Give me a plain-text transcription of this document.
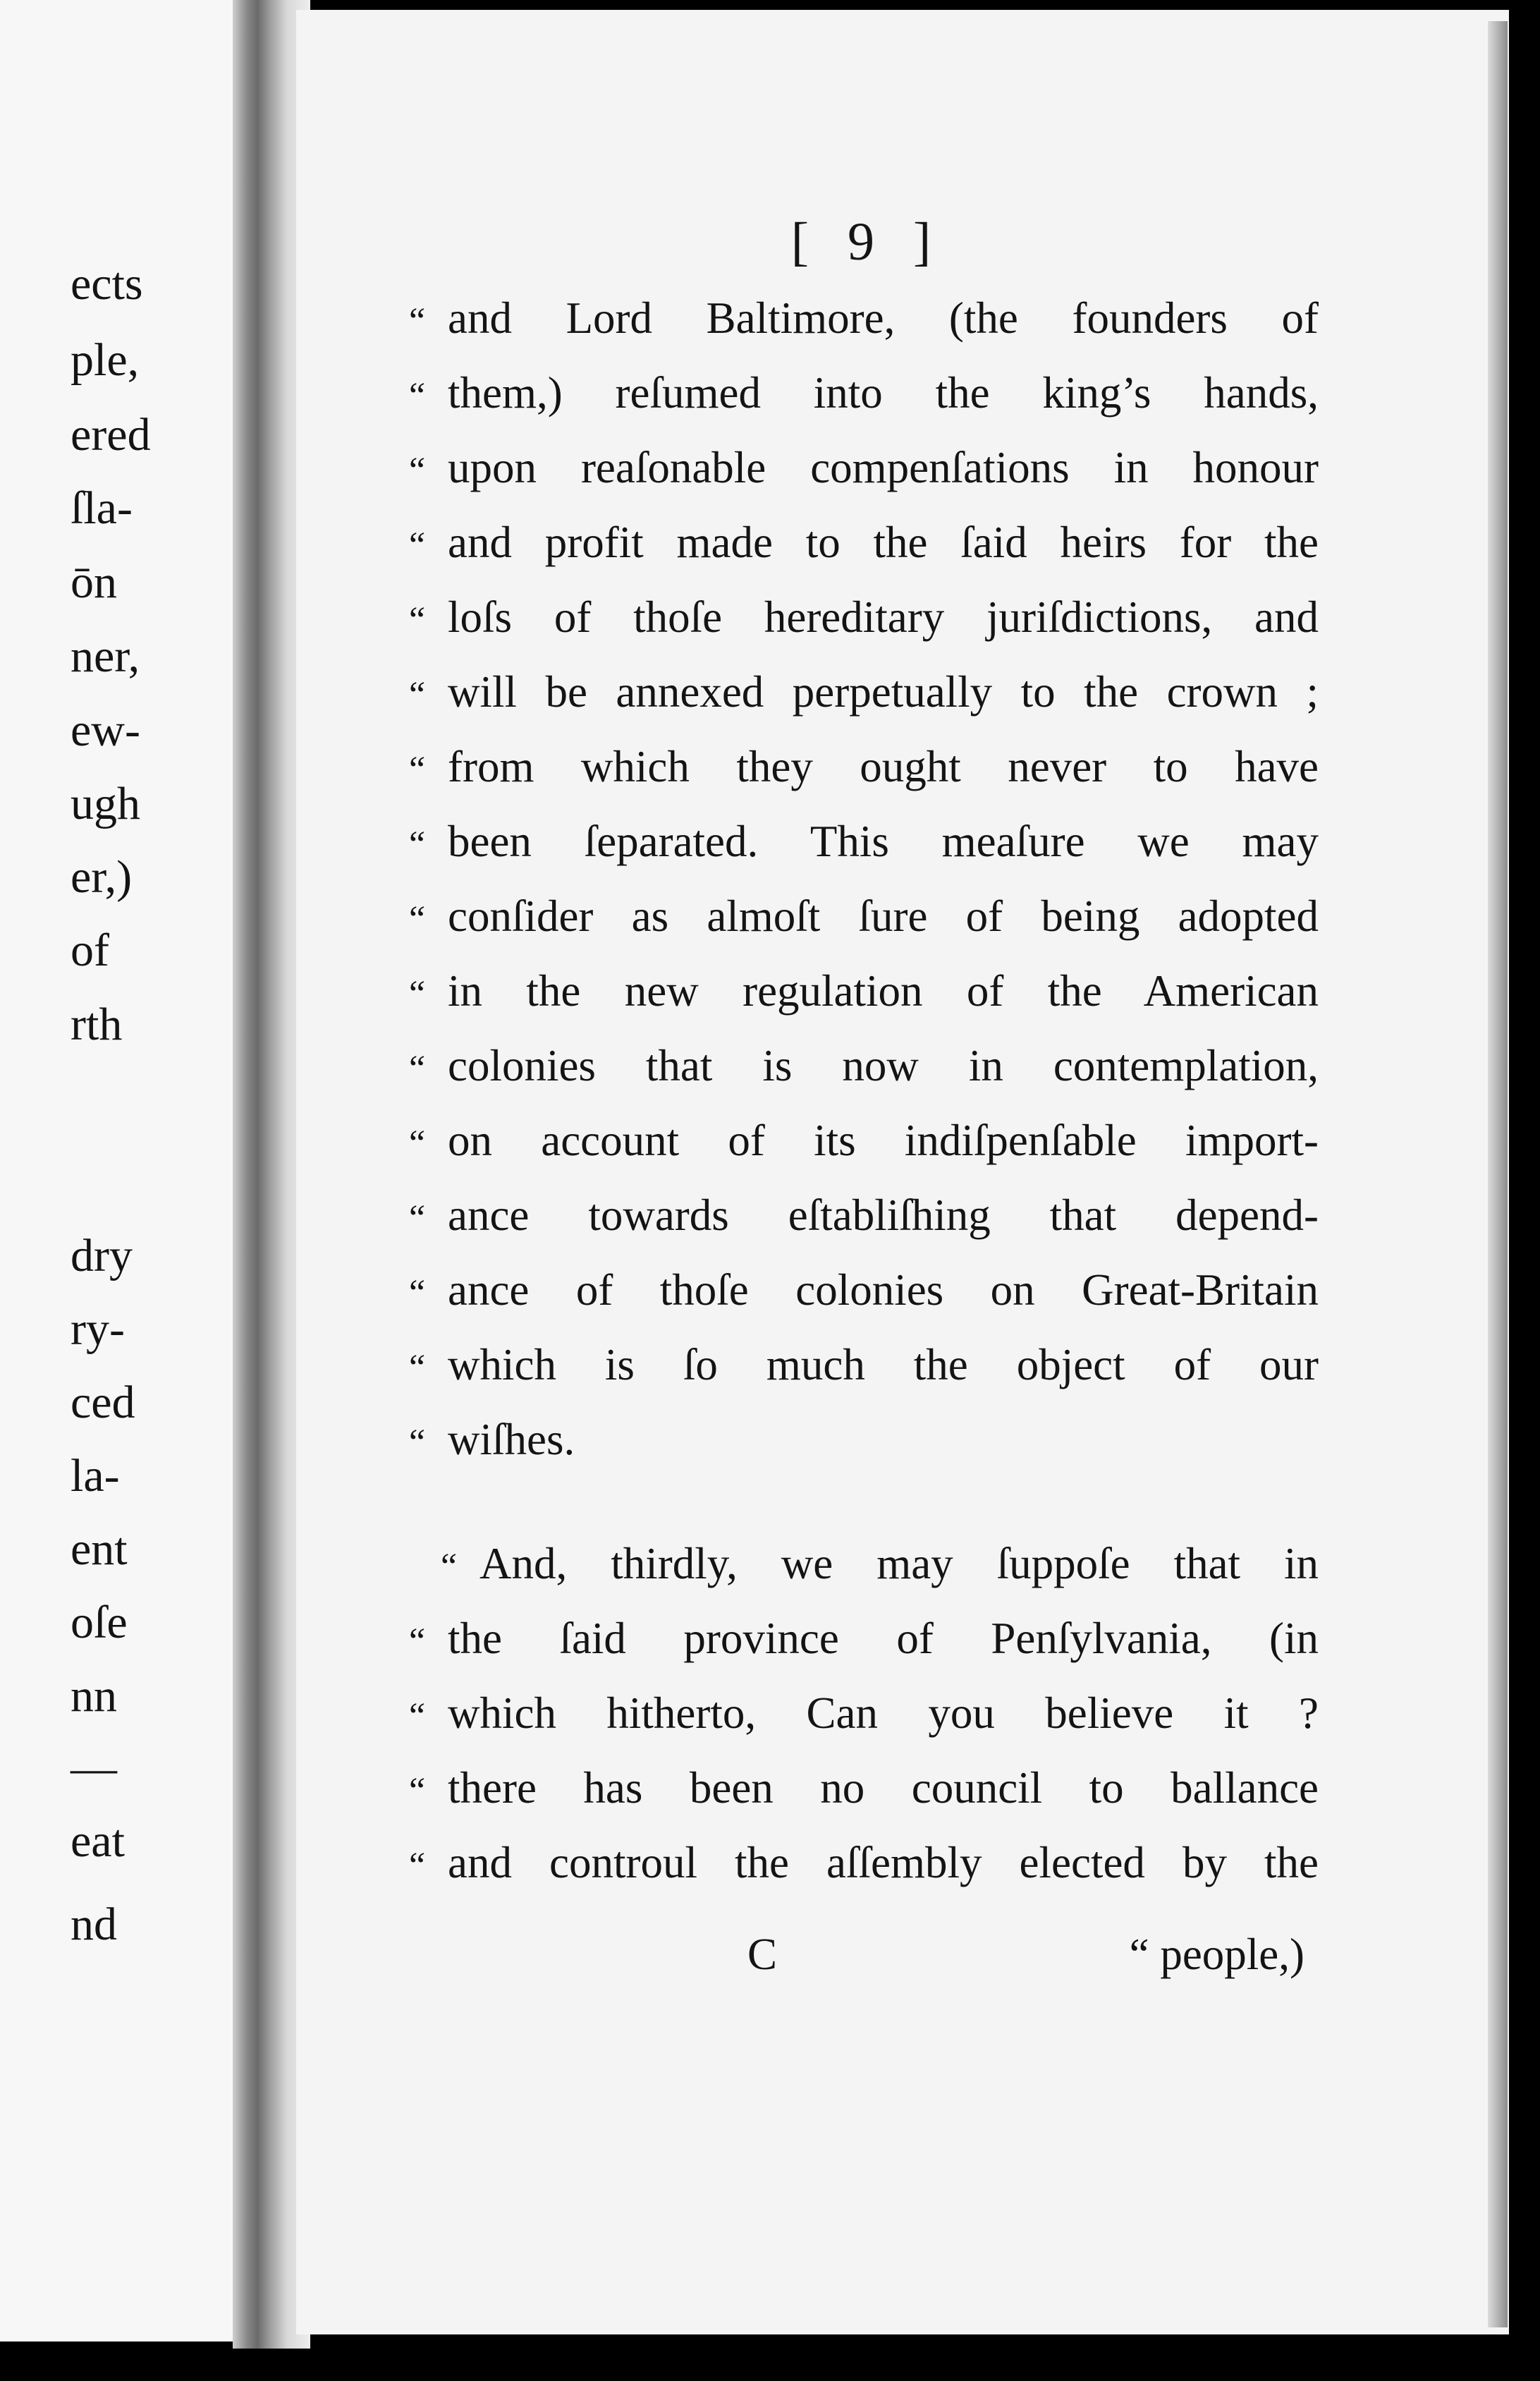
ects
ple,
ered
ſla-
ōn
ner,
ew-
ugh
er,)
of
rth
dry
ry-
ced
la-
ent
oſe
nn
—
eat
nd
[ 9 ]
“ and Lord Baltimore, (the founders of
“ them,) reſumed into the king’s hands,
“ upon reaſonable compenſations in honour
“ and profit made to the ſaid heirs for the
“ loſs of thoſe hereditary juriſdictions, and
“ will be annexed perpetually to the crown ;
“ from which they ought never to have
“ been ſeparated. This meaſure we may
“ conſider as almoſt ſure of being adopted
“ in the new regulation of the American
“ colonies that is now in contemplation,
“ on account of its indiſpenſable import-
“ ance towards eſtabliſhing that depend-
“ ance of thoſe colonies on Great-Britain
“ which is ſo much the object of our
“ wiſhes.
“ And, thirdly, we may ſuppoſe that in
“ the ſaid province of Penſylvania, (in
“ which hitherto, Can you believe it ?
“ there has been no council to ballance
“ and controul the aſſembly elected by the
C	“ people,)
